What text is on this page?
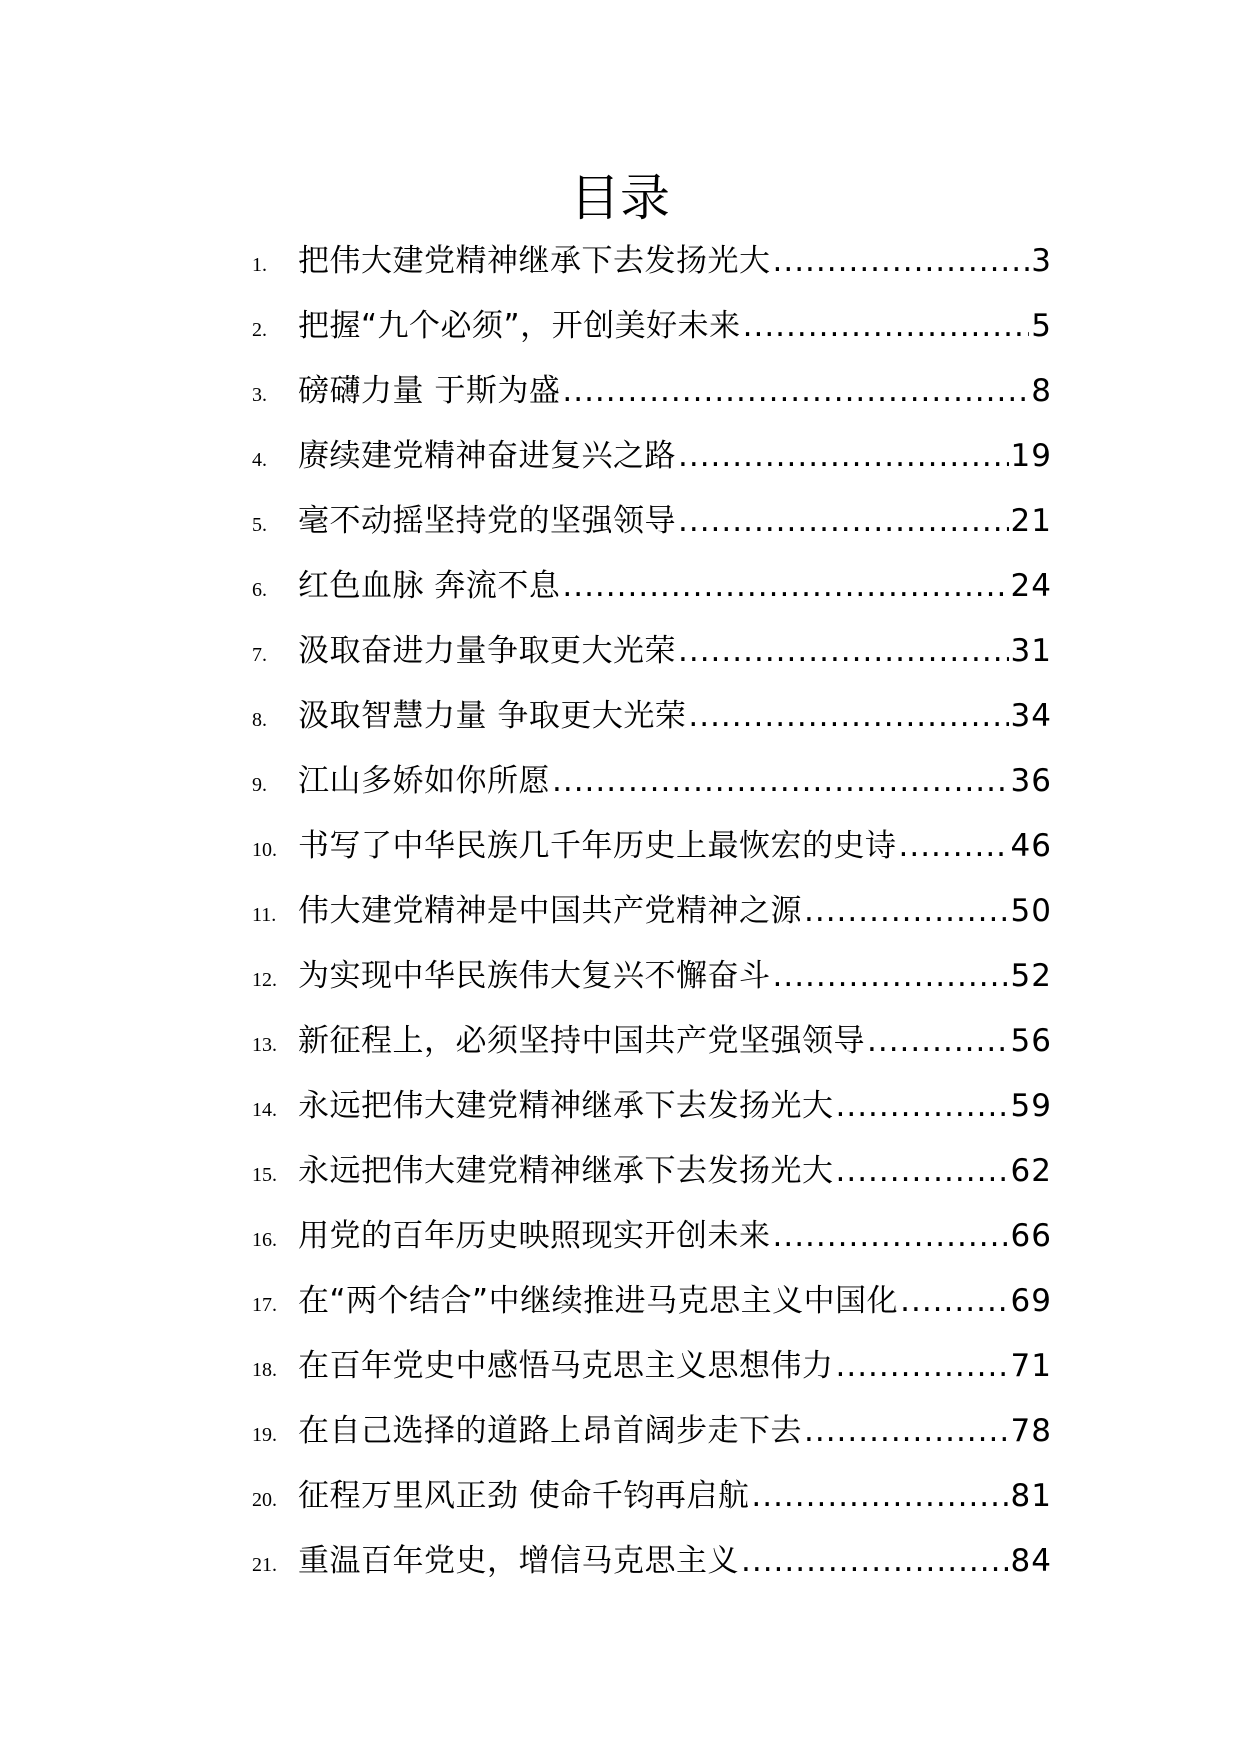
目录
1.	把伟大建党精神继承下去发扬光大 .....	3
2.	把握“九个必须”，开创美好未来 .....	5
3.	磅礴力量 于斯为盛 .....	8
4.	赓续建党精神奋进复兴之路 .....	19
5.	毫不动摇坚持党的坚强领导 .....	21
6.	红色血脉 奔流不息 .....	24
7.	汲取奋进力量争取更大光荣 .....	31
8.	汲取智慧力量 争取更大光荣 .....	34
9.	江山多娇如你所愿 .....	36
10. 书写了中华民族几千年历史上最恢宏的史诗 .....	46
11. 伟大建党精神是中国共产党精神之源 .....	50
12. 为实现中华民族伟大复兴不懈奋斗 .....	52
13. 新征程上，必须坚持中国共产党坚强领导 .....	56
14. 永远把伟大建党精神继承下去发扬光大 .....	59
15. 永远把伟大建党精神继承下去发扬光大 .....	62
16. 用党的百年历史映照现实开创未来 .....	66
17. 在“两个结合”中继续推进马克思主义中国化 .....	69
18. 在百年党史中感悟马克思主义思想伟力 .....	71
19. 在自己选择的道路上昂首阔步走下去 .....	78
20. 征程万里风正劲 使命千钧再启航 .....	81
21. 重温百年党史，增信马克思主义 .....	84
